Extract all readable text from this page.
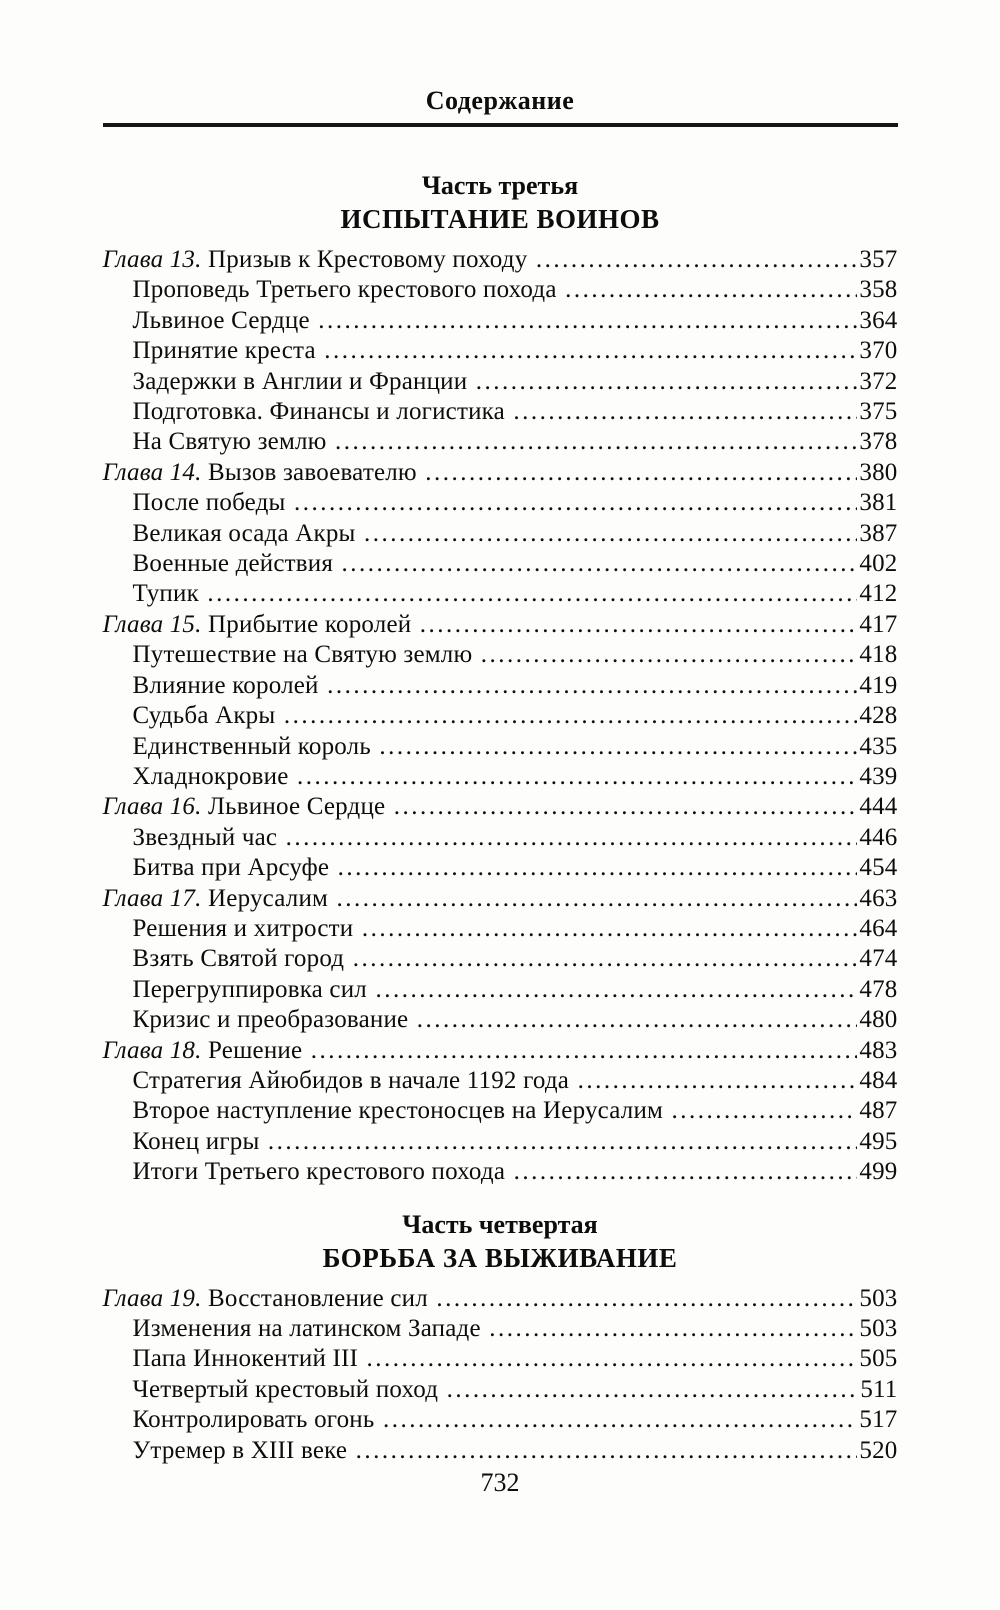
Содержание
Часть третья
ИСПЫТАНИЕ ВОИНОВ
Глава 13. Призыв к Крестовому походу .....	357
Проповедь Третьего крестового похода .....	358
Львиное Сердце .....	364
Принятие креста .....	370
Задержки в Англии и Франции .....	372
Подготовка. Финансы и логистика .....	375
На Святую землю .....	378
Глава 14. Вызов завоевателю .....	380
После победы .....	381
Великая осада Акры .....	387
Военные действия .....	402
Тупик .....	412
Глава 15. Прибытие королей .....	417
Путешествие на Святую землю .....	418
Влияние королей .....	419
Судьба Акры .....	428
Единственный король .....	435
Хладнокровие .....	439
Глава 16. Львиное Сердце .....	444
Звездный час .....	446
Битва при Арсуфе .....	454
Глава 17. Иерусалим .....	463
Решения и хитрости .....	464
Взять Святой город .....	474
Перегруппировка сил .....	478
Кризис и преобразование .....	480
Глава 18. Решение .....	483
Стратегия Айюбидов в начале 1192 года .....	484
Второе наступление крестоносцев на Иерусалим .....	487
Конец игры .....	495
Итоги Третьего крестового похода .....	499
Часть четвертая
БОРЬБА ЗА ВЫЖИВАНИЕ
Глава 19. Восстановление сил .....	503
Изменения на латинском Западе .....	503
Папа Иннокентий III .....	505
Четвертый крестовый поход .....	511
Контролировать огонь .....	517
Утремер в XIII веке .....	520
732
